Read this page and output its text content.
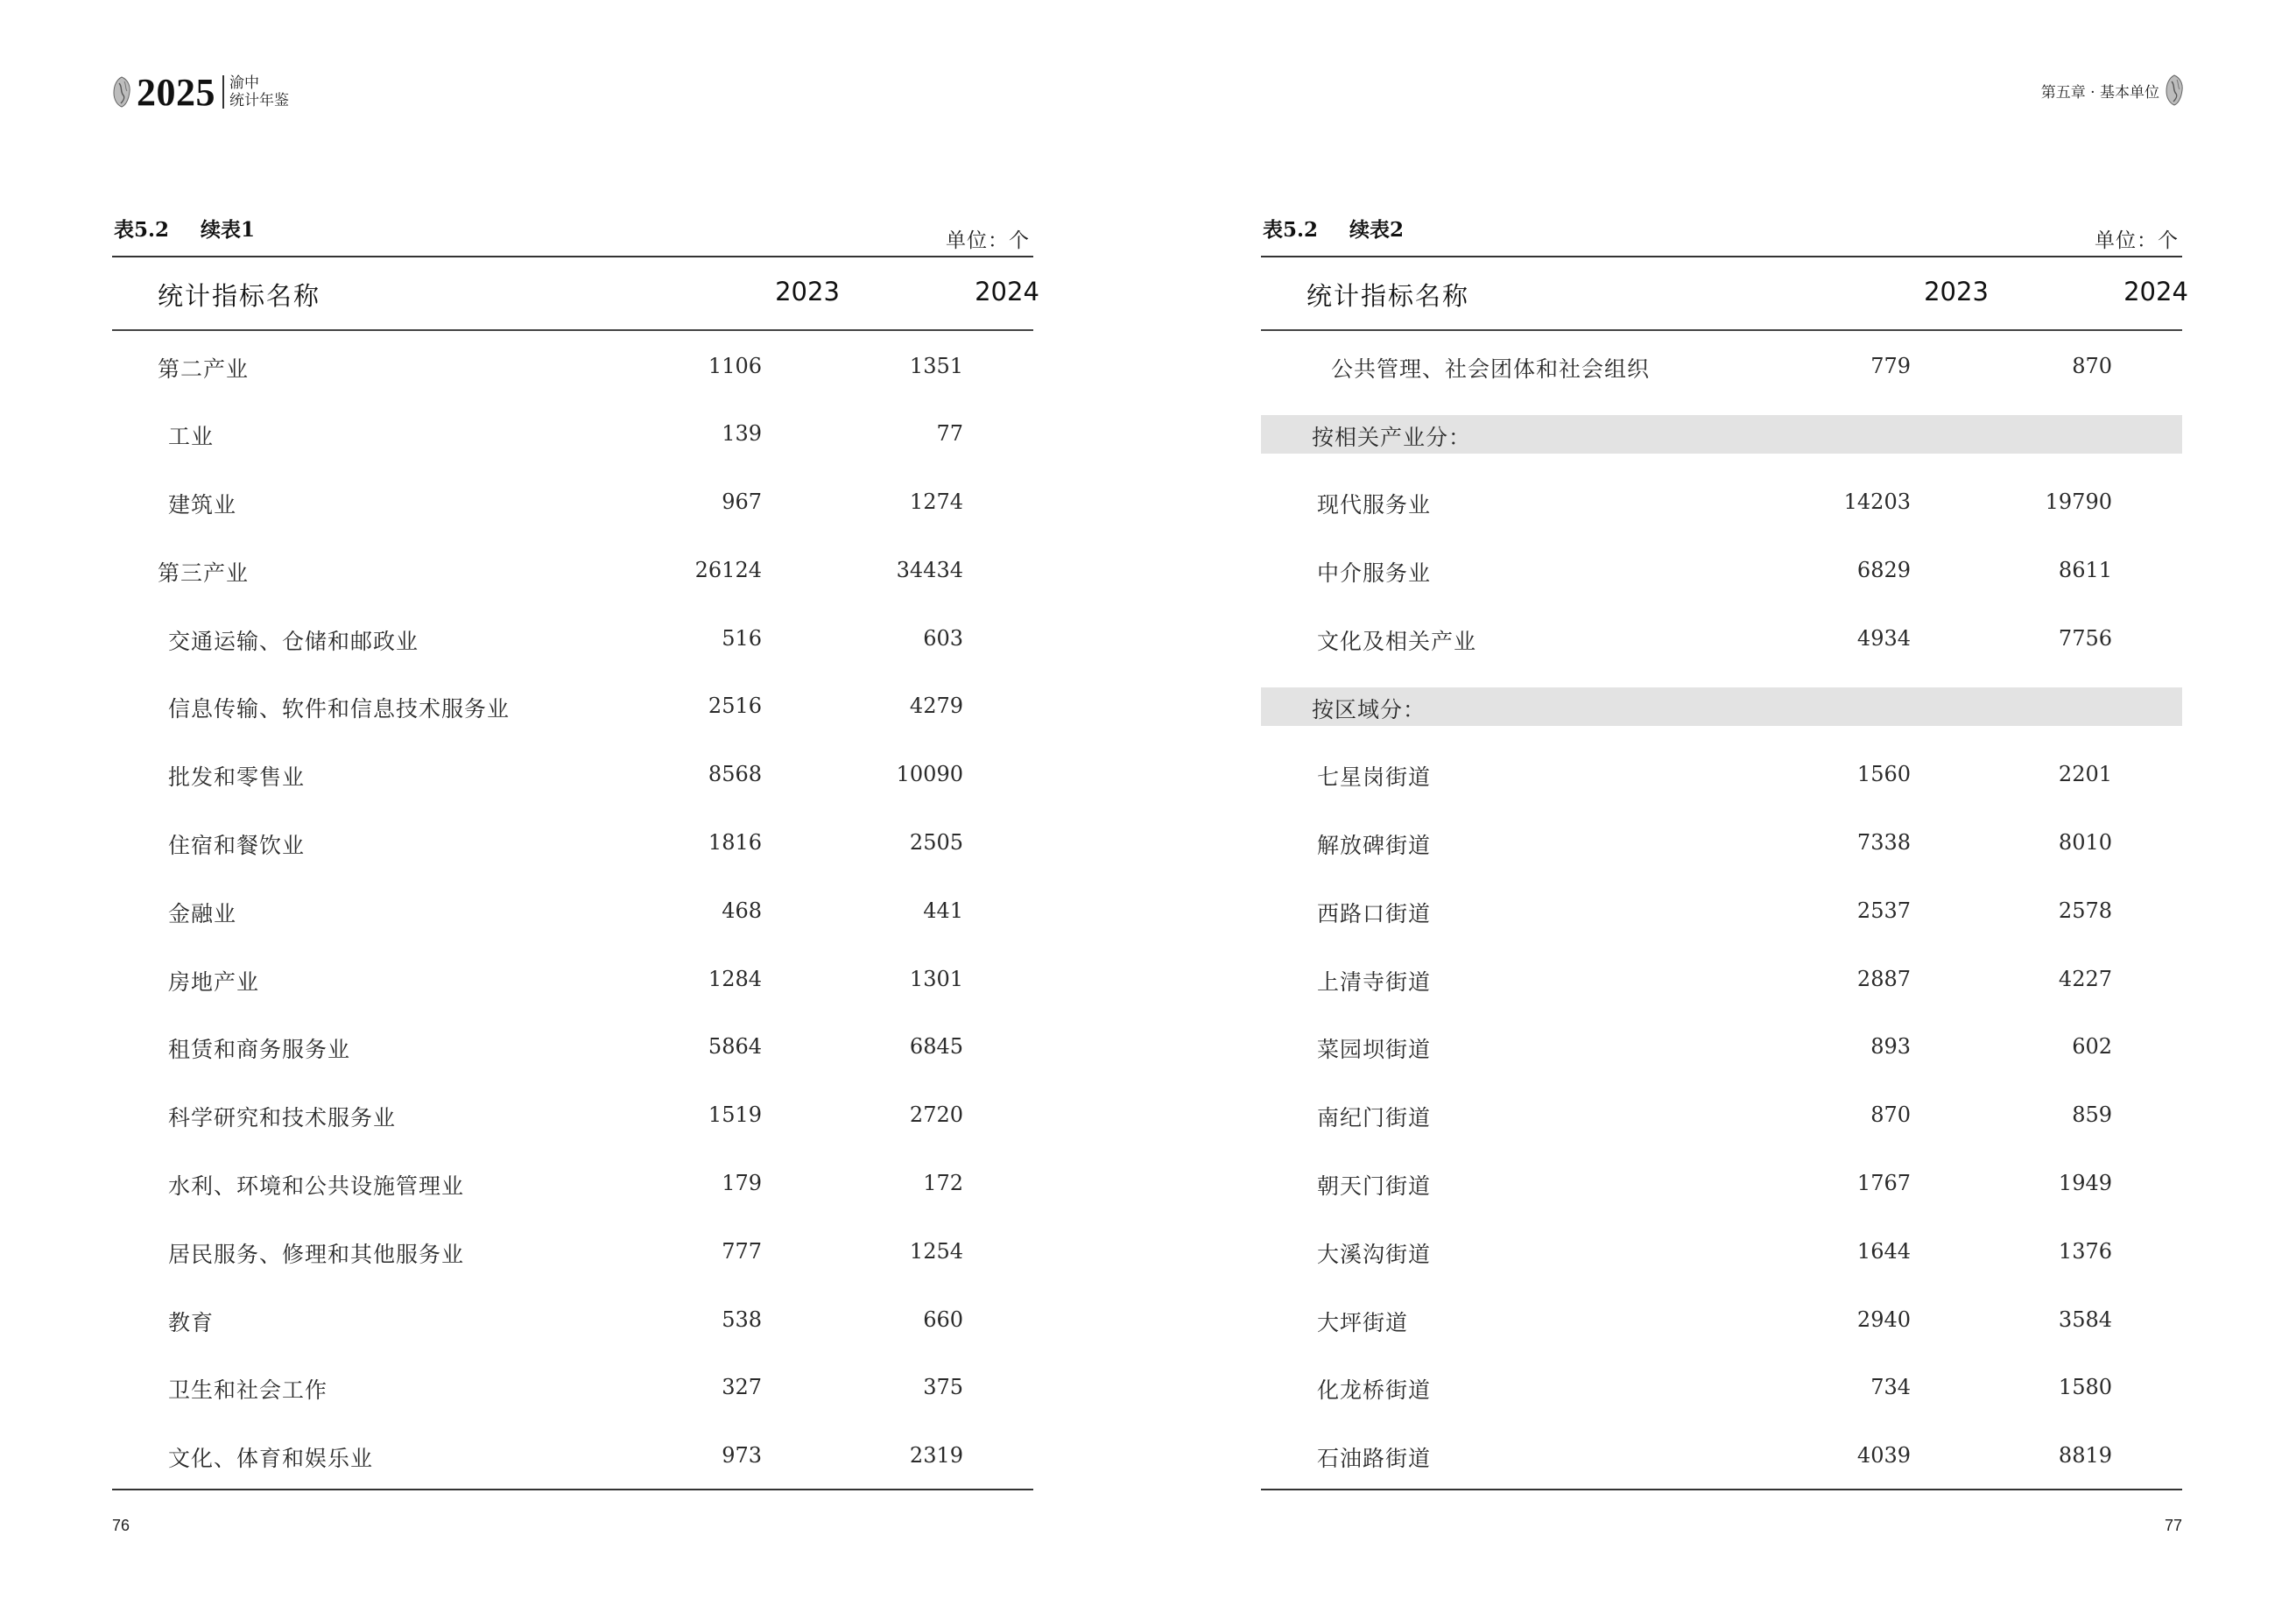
2025 渝中
统计年鉴	第五章 · 基本单位
表5.2 续表1	单位：个
统计指标名称	2023	2024
第二产业	1106	1351
工业	139	77
建筑业	967	1274
第三产业	26124	34434
交通运输、仓储和邮政业	516	603
信息传输、软件和信息技术服务业	2516	4279
批发和零售业	8568	10090
住宿和餐饮业	1816	2505
金融业	468	441
房地产业	1284	1301
租赁和商务服务业	5864	6845
科学研究和技术服务业	1519	2720
水利、环境和公共设施管理业	179	172
居民服务、修理和其他服务业	777	1254
教育	538	660
卫生和社会工作	327	375
文化、体育和娱乐业	973	2319
表5.2 续表2	单位：个
统计指标名称	2023	2024
公共管理、社会团体和社会组织	779	870
按相关产业分：
现代服务业	14203	19790
中介服务业	6829	8611
文化及相关产业	4934	7756
按区域分：
七星岗街道	1560	2201
解放碑街道	7338	8010
西路口街道	2537	2578
上清寺街道	2887	4227
菜园坝街道	893	602
南纪门街道	870	859
朝天门街道	1767	1949
大溪沟街道	1644	1376
大坪街道	2940	3584
化龙桥街道	734	1580
石油路街道	4039	8819
76	77
